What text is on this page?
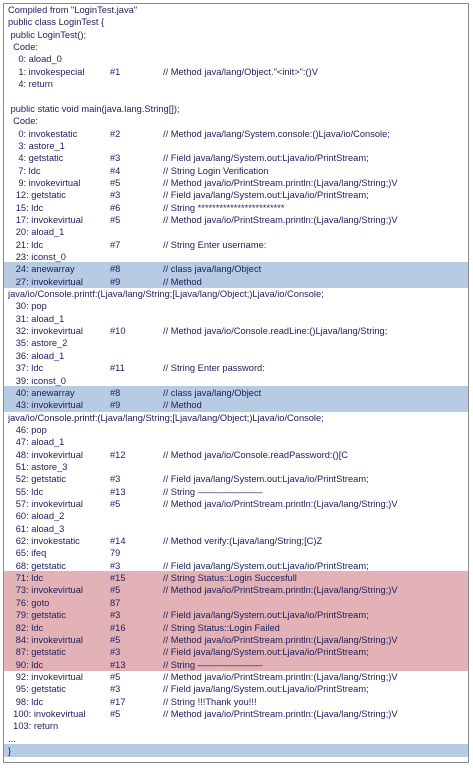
Compiled from "LoginTest.java"
public class LoginTest {
public LoginTest();
Code:
0: aload_0
1: invokespecial	#1	// Method java/lang/Object."<init>":()V
4: return
public static void main(java.lang.String[]);
Code:
0: invokestatic	#2	// Method java/lang/System.console:()Ljava/io/Console;
3: astore_1
4: getstatic	#3	// Field java/lang/System.out:Ljava/io/PrintStream;
7: ldc	#4	// String Login Verification
9: invokevirtual	#5	// Method java/io/PrintStream.println:(Ljava/lang/String;)V
12: getstatic	#3	// Field java/lang/System.out:Ljava/io/PrintStream;
15: ldc	#6	// String ************************
17: invokevirtual	#5	// Method java/io/PrintStream.println:(Ljava/lang/String;)V
20: aload_1
21: ldc	#7	// String Enter username:
23: iconst_0
24: anewarray	#8	// class java/lang/Object
27: invokevirtual	#9	// Method
java/io/Console.printf:(Ljava/lang/String;[Ljava/lang/Object;)Ljava/io/Console;
30: pop
31: aload_1
32: invokevirtual	#10	// Method java/io/Console.readLine:()Ljava/lang/String;
35: astore_2
36: aload_1
37: ldc	#11	// String Enter password:
39: iconst_0
40: anewarray	#8	// class java/lang/Object
43: invokevirtual	#9	// Method
java/io/Console.printf:(Ljava/lang/String;[Ljava/lang/Object;)Ljava/io/Console;
46: pop
47: aload_1
48: invokevirtual	#12	// Method java/io/Console.readPassword:()[C
51: astore_3
52: getstatic	#3	// Field java/lang/System.out:Ljava/io/PrintStream;
55: ldc	#13	// String ———————
57: invokevirtual	#5	// Method java/io/PrintStream.println:(Ljava/lang/String;)V
60: aload_2
61: aload_3
62: invokestatic	#14	// Method verify:(Ljava/lang/String;[C)Z
65: ifeq	79
68: getstatic	#3	// Field java/lang/System.out:Ljava/io/PrintStream;
71: ldc	#15	// String Status::Login Succesfull
73: invokevirtual	#5	// Method java/io/PrintStream.println:(Ljava/lang/String;)V
76: goto	87
79: getstatic	#3	// Field java/lang/System.out:Ljava/io/PrintStream;
82: ldc	#16	// String Status::Login Failed
84: invokevirtual	#5	// Method java/io/PrintStream.println:(Ljava/lang/String;)V
87: getstatic	#3	// Field java/lang/System.out:Ljava/io/PrintStream;
90: ldc	#13	// String ———————
92: invokevirtual	#5	// Method java/io/PrintStream.println:(Ljava/lang/String;)V
95: getstatic	#3	// Field java/lang/System.out:Ljava/io/PrintStream;
98: ldc	#17	// String !!!Thank you!!!
100: invokevirtual	#5	// Method java/io/PrintStream.println:(Ljava/lang/String;)V
103: return
...
}
